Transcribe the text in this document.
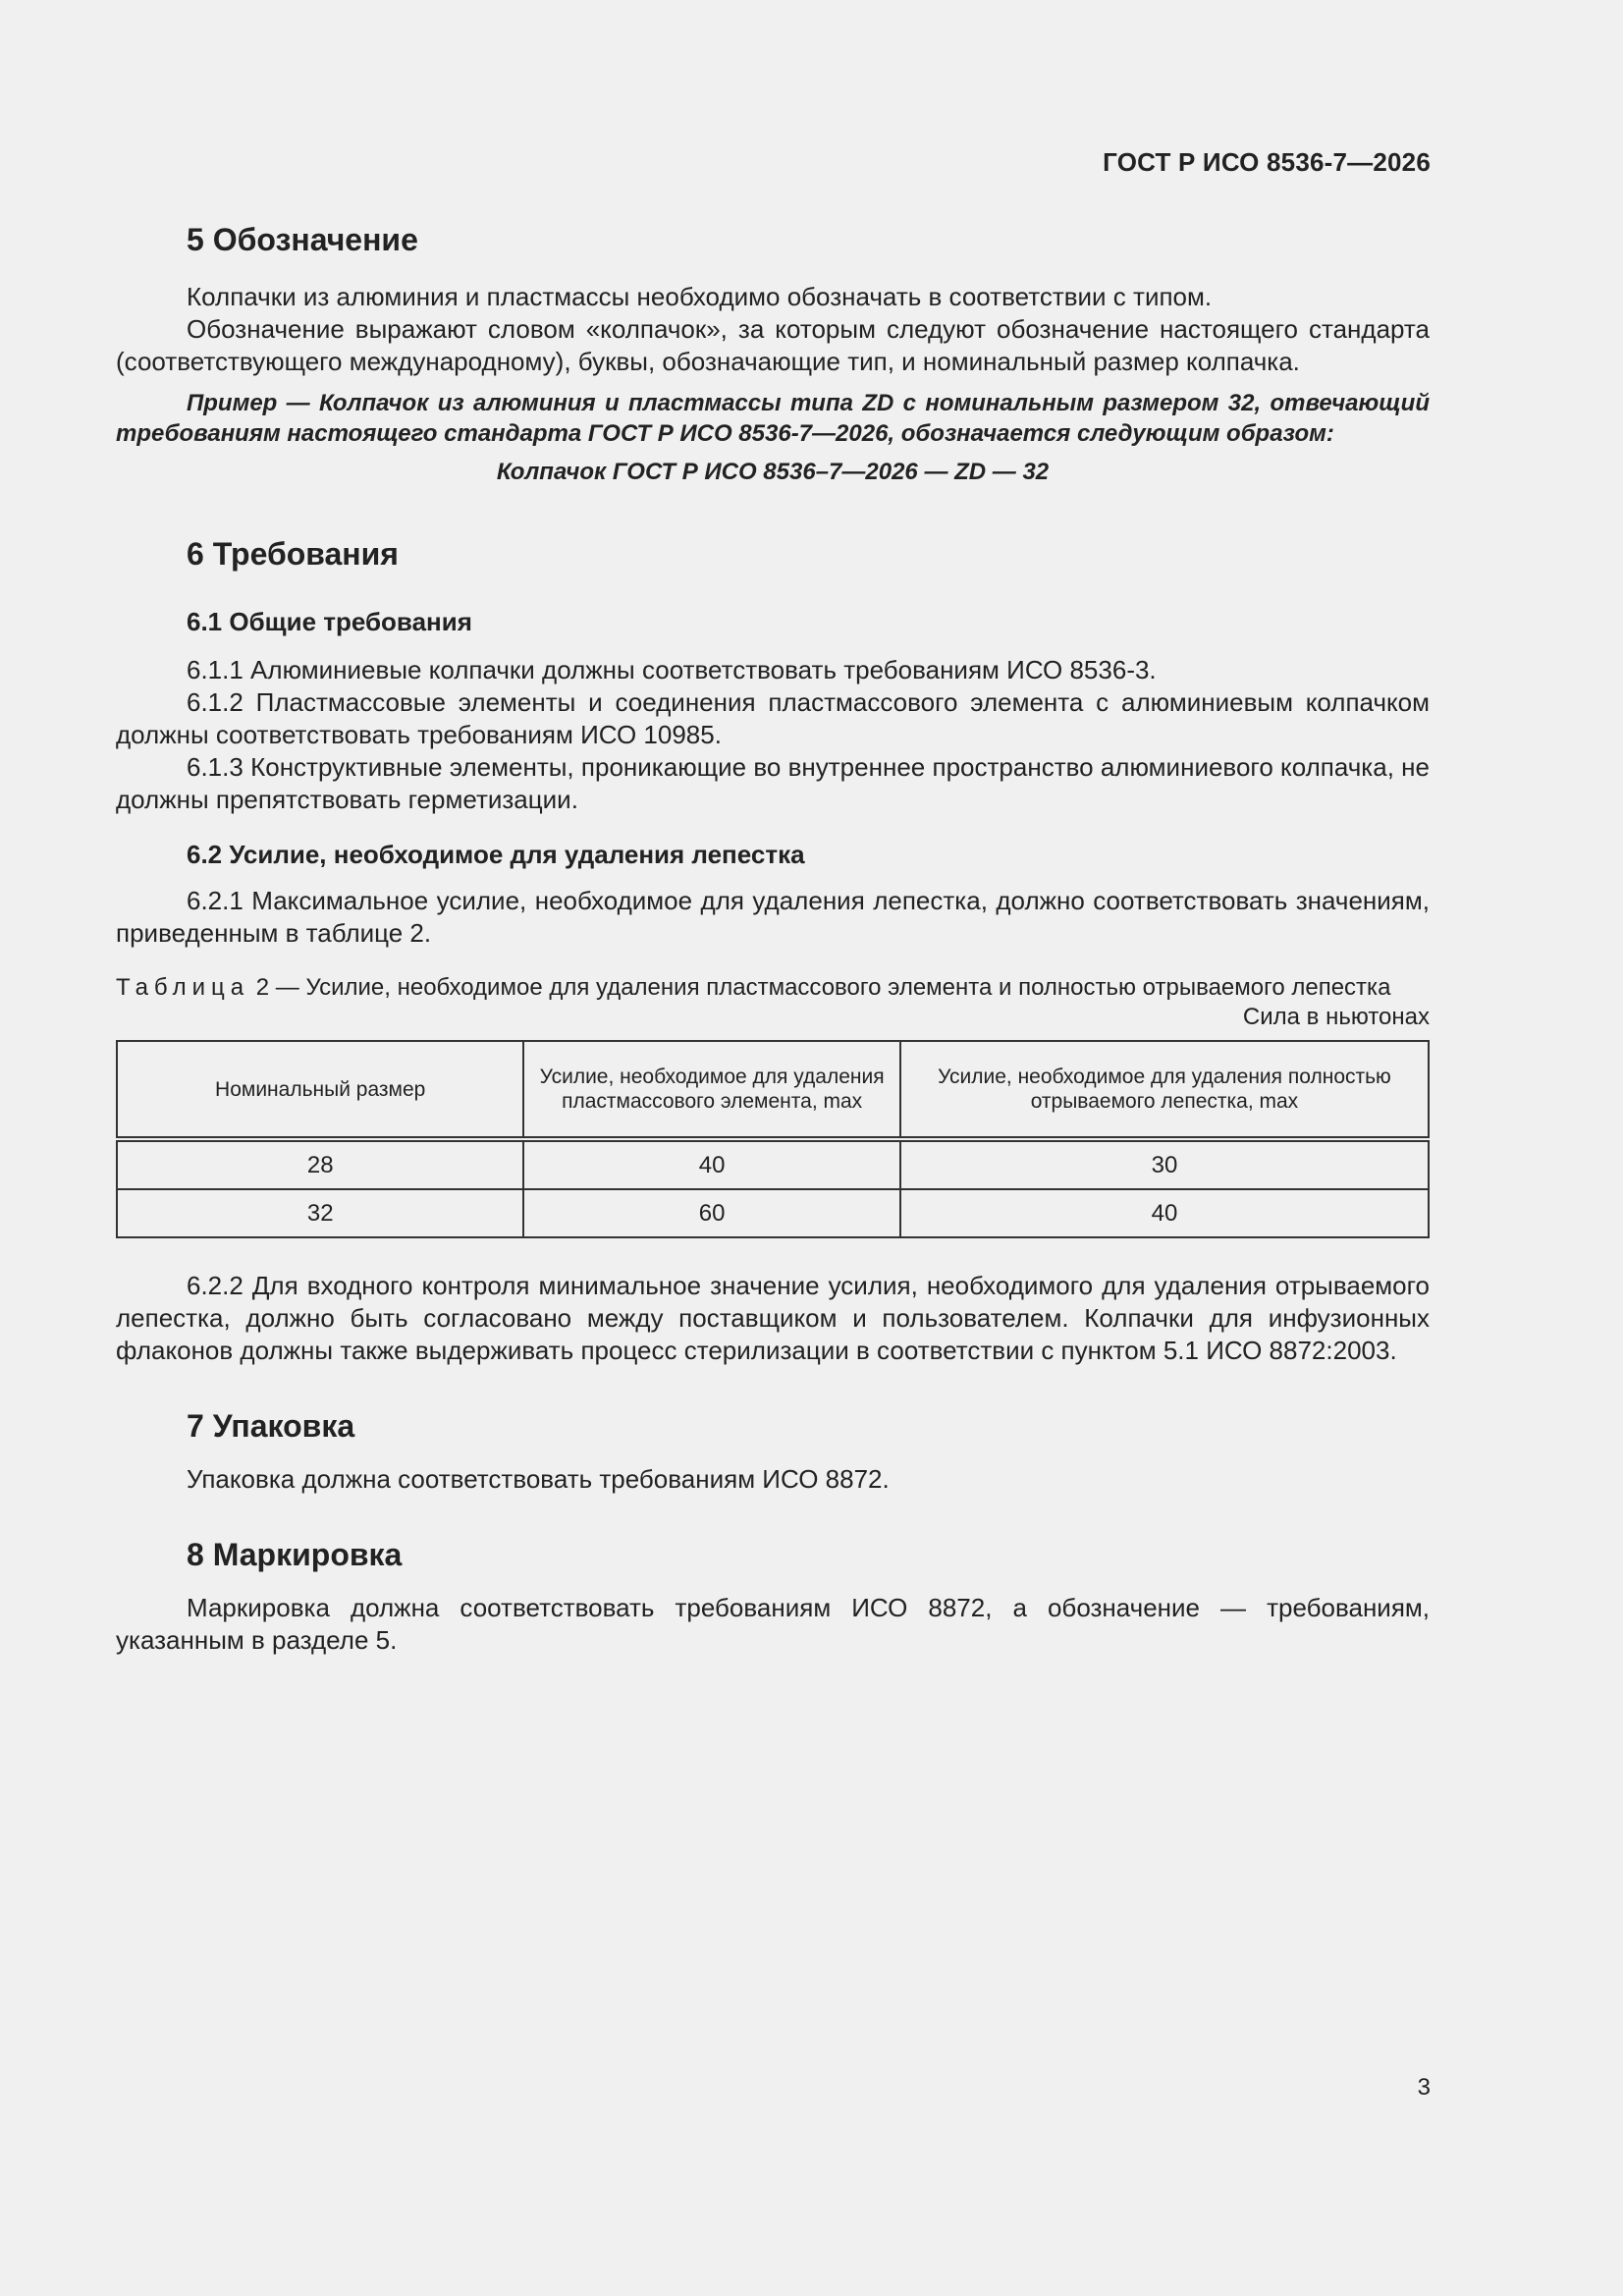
ГОСТ Р ИСО 8536-7—2026
5 Обозначение

Колпачки из алюминия и пластмассы необходимо обозначать в соответствии с типом.

Обозначение выражают словом «колпачок», за которым следуют обозначение настоящего стандарта (соответствующего международному), буквы, обозначающие тип, и номинальный размер колпачка.

Пример — Колпачок из алюминия и пластмассы типа ZD с номинальным размером 32, отвечающий требованиям настоящего стандарта ГОСТ Р ИСО 8536-7—2026, обозначается следующим образом:

Колпачок ГОСТ Р ИСО 8536–7—2026 — ZD — 32

6 Требования
6.1 Общие требования

6.1.1 Алюминиевые колпачки должны соответствовать требованиям ИСО 8536-3.

6.1.2 Пластмассовые элементы и соединения пластмассового элемента с алюминиевым колпачком должны соответствовать требованиям ИСО 10985.

6.1.3 Конструктивные элементы, проникающие во внутреннее пространство алюминиевого колпачка, не должны препятствовать герметизации.

6.2 Усилие, необходимое для удаления лепестка

6.2.1 Максимальное усилие, необходимое для удаления лепестка, должно соответствовать значениям, приведенным в таблице 2.

Таблица 2 — Усилие, необходимое для удаления пластмассового элемента и полностью отрываемого лепестка

Сила в ньютонах

Номинальный размер	Усилие, необходимое для удаления пластмассового элемента, max	Усилие, необходимое для удаления полностью отрываемого лепестка, max
28	40	30
32	60	40

6.2.2 Для входного контроля минимальное значение усилия, необходимого для удаления отрываемого лепестка, должно быть согласовано между поставщиком и пользователем. Колпачки для инфузионных флаконов должны также выдерживать процесс стерилизации в соответствии с пунктом 5.1 ИСО 8872:2003.

7 Упаковка

Упаковка должна соответствовать требованиям ИСО 8872.

8 Маркировка

Маркировка должна соответствовать требованиям ИСО 8872, а обозначение — требованиям, указанным в разделе 5.

3
